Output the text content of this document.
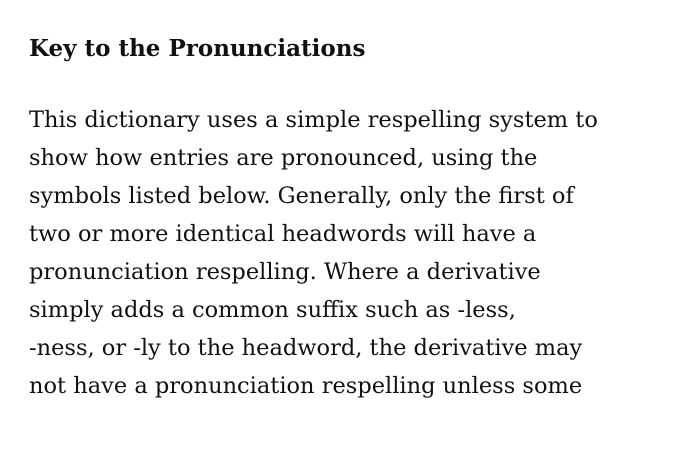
Key to the Pronunciations
This dictionary uses a simple respelling system to
show how entries are pronounced, using the
symbols listed below. Generally, only the first of
two or more identical headwords will have a
pronunciation respelling. Where a derivative
simply adds a common suffix such as -less,
-ness, or -ly to the headword, the derivative may
not have a pronunciation respelling unless some
